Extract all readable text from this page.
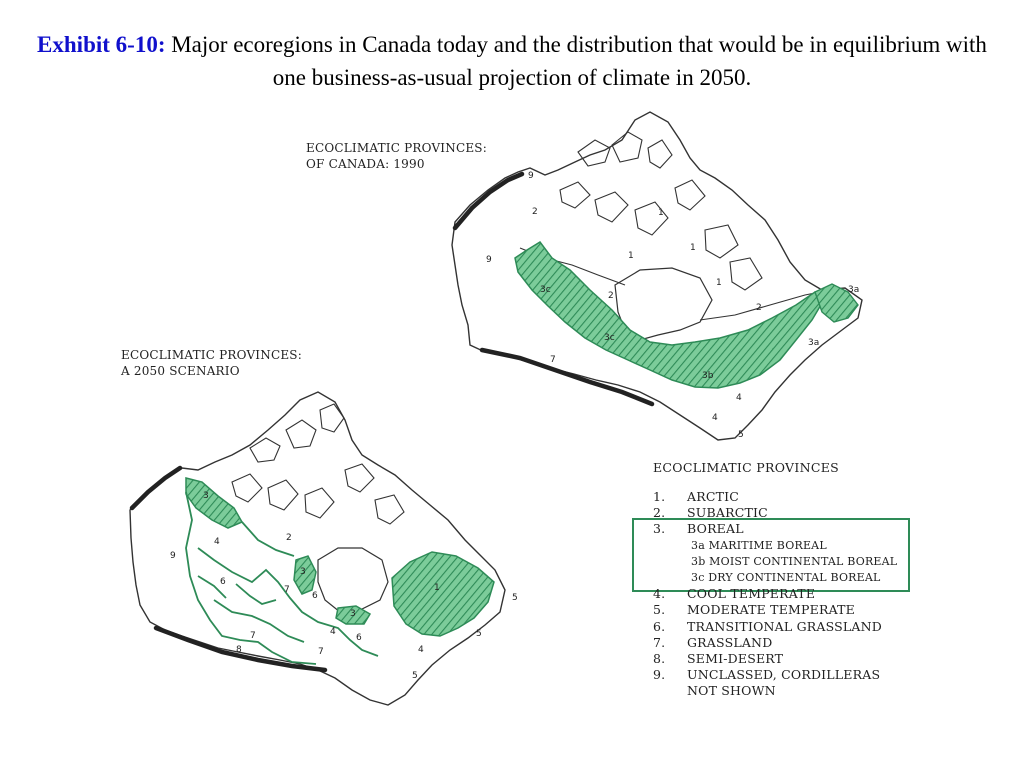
Exhibit 6-10: Major ecoregions in Canada today and the distribution that would be in equilibrium with one business-as-usual projection of climate in 2050.
ECOCLIMATIC PROVINCES:
OF CANADA: 1990
ECOCLIMATIC PROVINCES:
A 2050 SCENARIO
9
2
1
1
1
1
2
2
3a
3c
3c
3b
3a
7
4
4
5
9
9
2
3
4
6
7
3
6
4
3
7	6
8	7
5
5
5
1
4
ECOCLIMATIC PROVINCES
1. ARCTIC
2. SUBARCTIC
3. BOREAL
3a MARITIME BOREAL
3b MOIST CONTINENTAL BOREAL
3c DRY CONTINENTAL BOREAL
4. COOL TEMPERATE
5. MODERATE TEMPERATE
6. TRANSITIONAL GRASSLAND
7. GRASSLAND
8. SEMI-DESERT
9. UNCLASSED, CORDILLERAS
NOT SHOWN
